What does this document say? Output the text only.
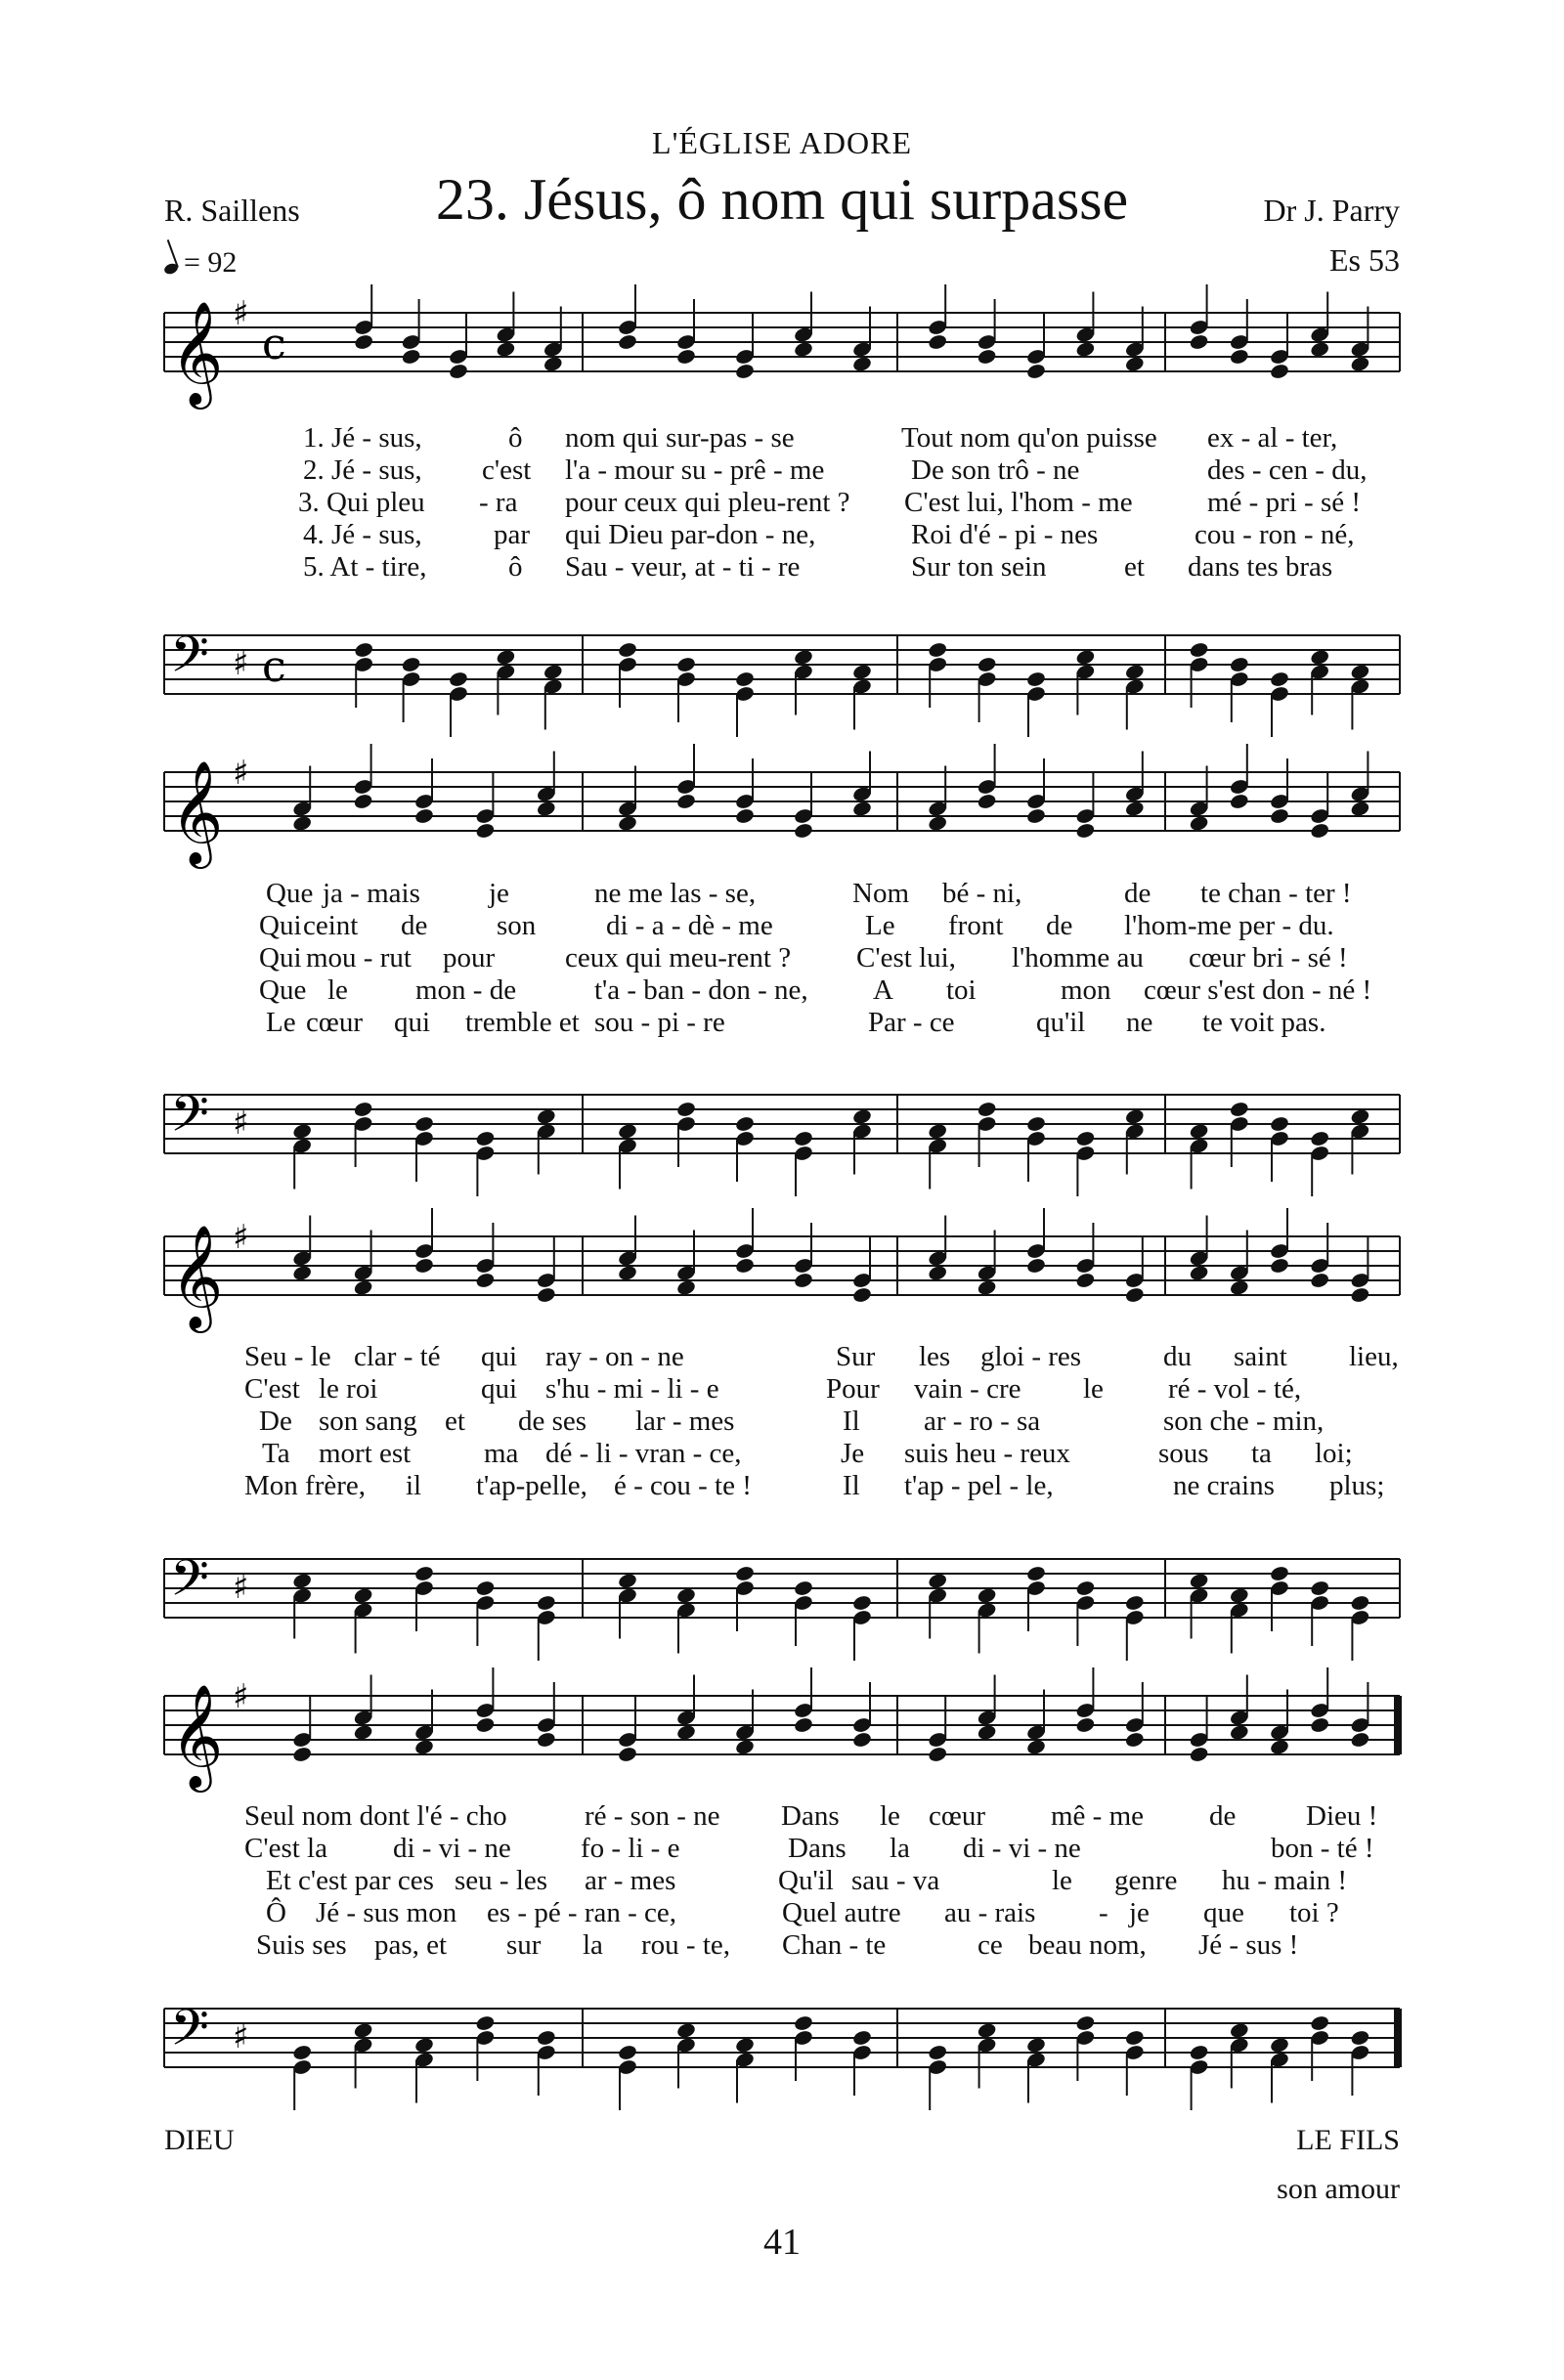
L'ÉGLISE ADORE
23. Jésus, ô nom qui surpasse
R. Saillens	Dr J. Parry
Es 53
= 92
𝄞 ♯
c
𝄢 ♯ c
𝄞 ♯
𝄢 ♯
𝄞 ♯
𝄢 ♯
𝄞 ♯
𝄢 ♯
1. Jé - sus,	ô nom qui sur-pas - se	Tout nom qu'on puisse ex - al - ter,
2. Jé - sus, c'est l'a - mour su - prê - me	De son trô - ne	des - cen - du,
3. Qui pleu - ra pour ceux qui pleu-rent ? C'est lui, l'hom - me	mé - pri - sé !
4. Jé - sus,	par qui Dieu par-don - ne,	Roi d'é - pi - nes	cou - ron - né,
5. At - tire,	ô Sau - veur, at - ti - re	Sur ton sein	et dans tes bras
Que ja - mais je	ne me las - se,	Nom bé - ni,	de te chan - ter !
Qui ceint de son di - a - dè - me	Le front de l'hom-me per - du.
Qui mou - rut pour ceux qui meu-rent ? C'est lui, l'homme au cœur bri - sé !
Que le mon - de	t'a - ban - don - ne, A toi	mon cœur s'est don - né !
Le cœur qui tremble et sou - pi - re	Par - ce	qu'il ne te voit pas.
Seu - le clar - té qui ray - on - ne	Sur les gloi - res	du saint lieu,
C'est le roi	qui s'hu - mi - li - e	Pour vain - cre le ré - vol - té,
De son sang et de ses lar - mes	Il ar - ro - sa	son che - min,
Ta mort est	ma dé - li - vran - ce,	Je suis heu - reux	sous ta loi;
Mon frère, il t'ap-pelle, é - cou - te !	Il t'ap - pel - le,	ne crains plus;
Seul nom dont l'é - cho	ré - son - ne Dans le cœur mê - me de Dieu !
C'est la di - vi - ne fo - li - e	Dans la di - vi - ne	bon - té !
Et c'est par ces seu - les ar - mes	Qu'il sau - va	le genre hu - main !
Ô Jé - sus mon es - pé - ran - ce,	Quel autre au - rais - je que toi ?
Suis ses pas, et sur la rou - te, Chan - te	ce beau nom, Jé - sus !
DIEU	LE FILS
son amour
41
